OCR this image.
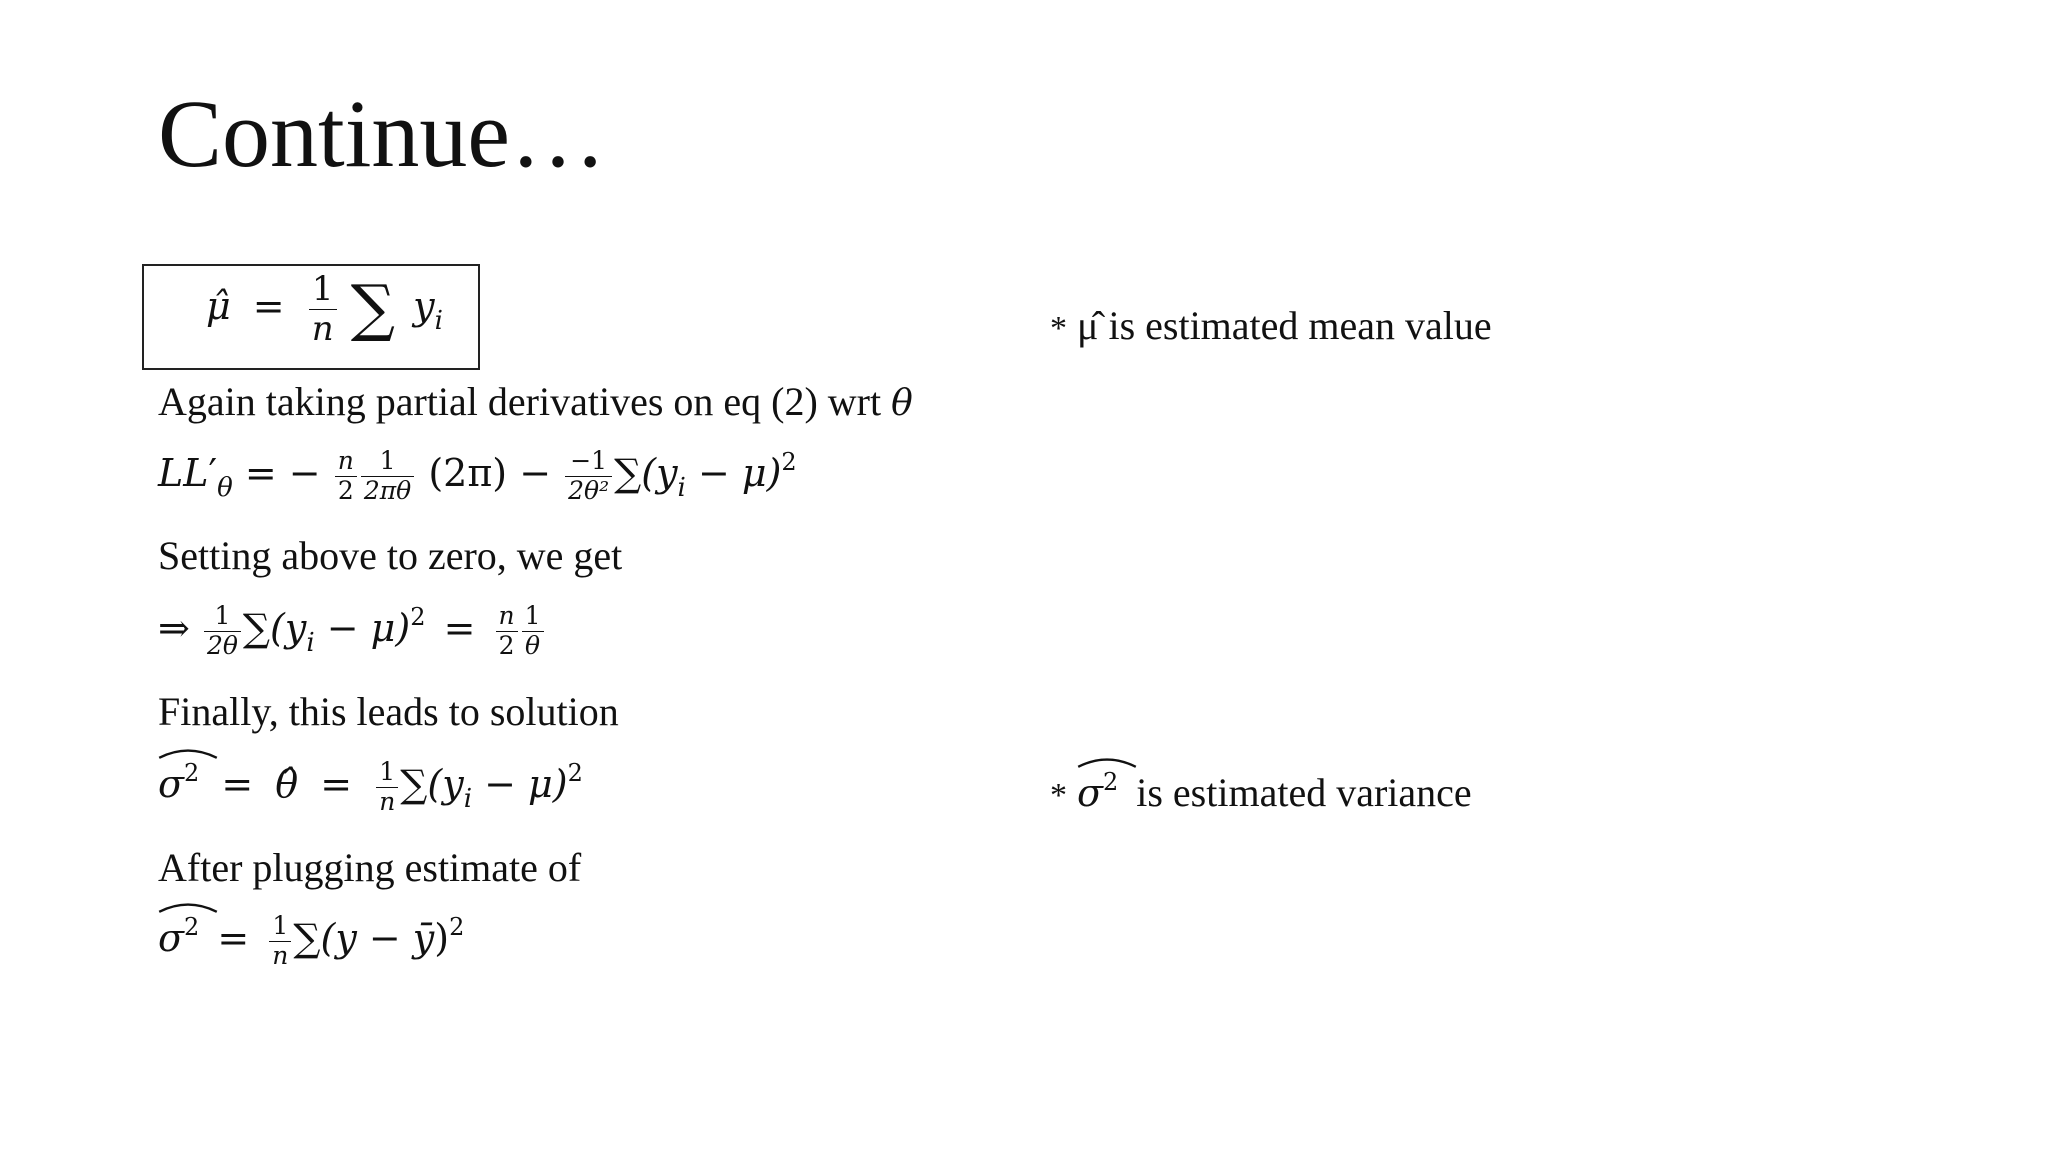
Continue…
μ̂ = $\frac{1}{n}$ ∑ $y_i$	* μ̂ is estimated mean value
Again taking partial derivatives on eq (2) wrt θ
$LL'_\theta$ = − $\frac{n}{2} \frac{1}{2\pi\theta} (2\pi) - \frac{-1}{\text{2θ²}} \sum(y_i - \mu)^2$
Setting above to zero, we get
⇒ $\frac{1}{2\theta} \sum(y_i - \mu)^2 = \frac{n}{2} \frac{1}{\theta}$
Finally, this leads to solution
$\sigma^2$ = θ̂ = $\frac{1}{n} \sum(y_i - \mu)^2$
* $\sigma^2$ is estimated variance
After plugging estimate of
$\sigma^2 = \frac{1}{n} \sum(y$ − ȳ)$^2$
